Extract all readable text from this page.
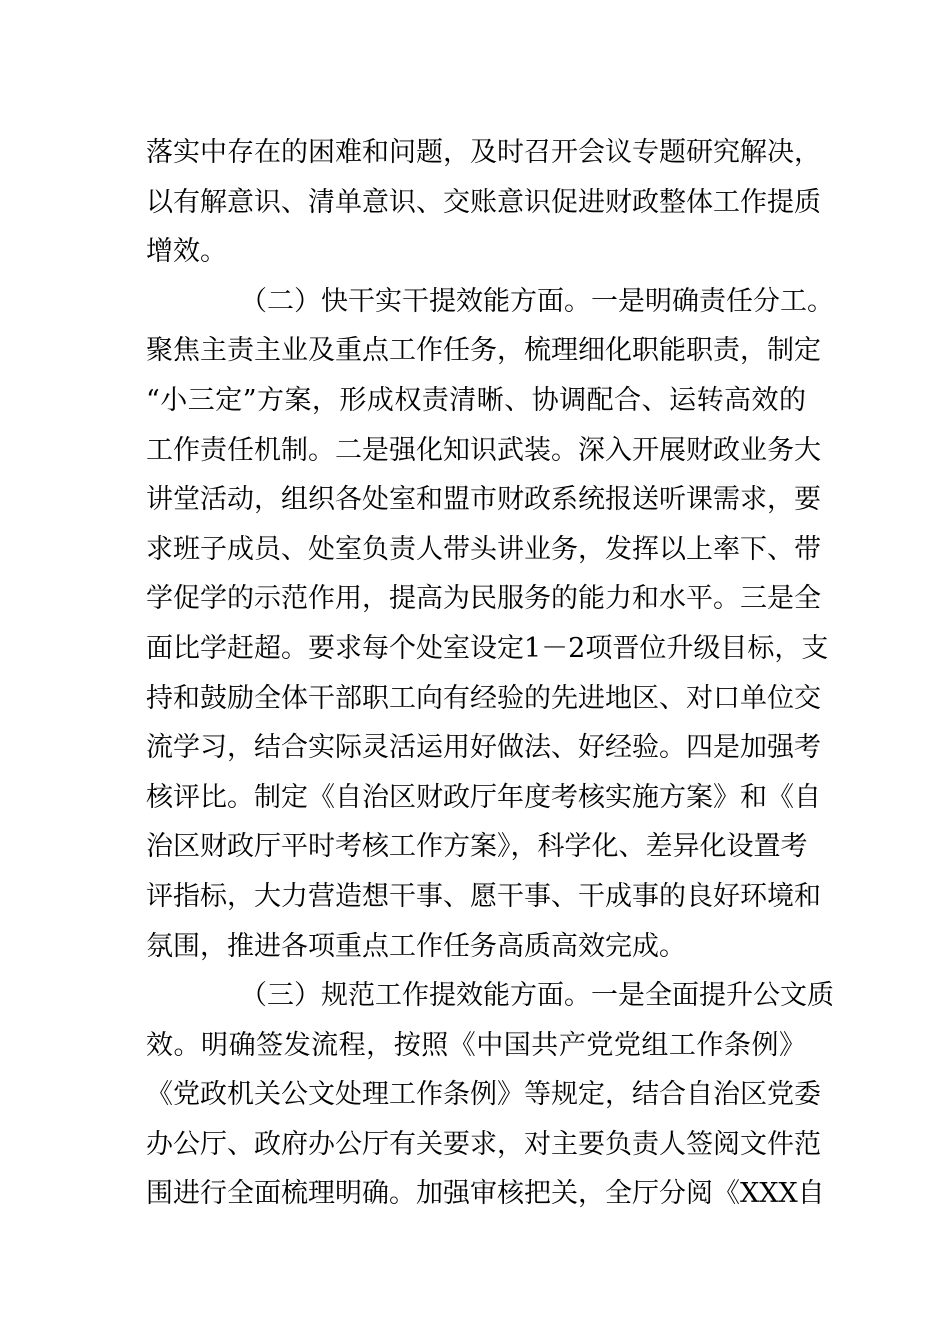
落实中存在的困难和问题，及时召开会议专题研究解决，
以有解意识、清单意识、交账意识促进财政整体工作提质
增效。
（二）快干实干提效能方面。一是明确责任分工。
聚焦主责主业及重点工作任务，梳理细化职能职责，制定
“小三定”方案，形成权责清晰、协调配合、运转高效的
工作责任机制。二是强化知识武装。深入开展财政业务大
讲堂活动，组织各处室和盟市财政系统报送听课需求，要
求班子成员、处室负责人带头讲业务，发挥以上率下、带
学促学的示范作用，提高为民服务的能力和水平。三是全
面比学赶超。要求每个处室设定1－2项晋位升级目标，支
持和鼓励全体干部职工向有经验的先进地区、对口单位交
流学习，结合实际灵活运用好做法、好经验。四是加强考
核评比。制定《自治区财政厅年度考核实施方案》和《自
治区财政厅平时考核工作方案》，科学化、差异化设置考
评指标，大力营造想干事、愿干事、干成事的良好环境和
氛围，推进各项重点工作任务高质高效完成。
（三）规范工作提效能方面。一是全面提升公文质
效。明确签发流程，按照《中国共产党党组工作条例》
《党政机关公文处理工作条例》等规定，结合自治区党委
办公厅、政府办公厅有关要求，对主要负责人签阅文件范
围进行全面梳理明确。加强审核把关，全厅分阅《XXX自
